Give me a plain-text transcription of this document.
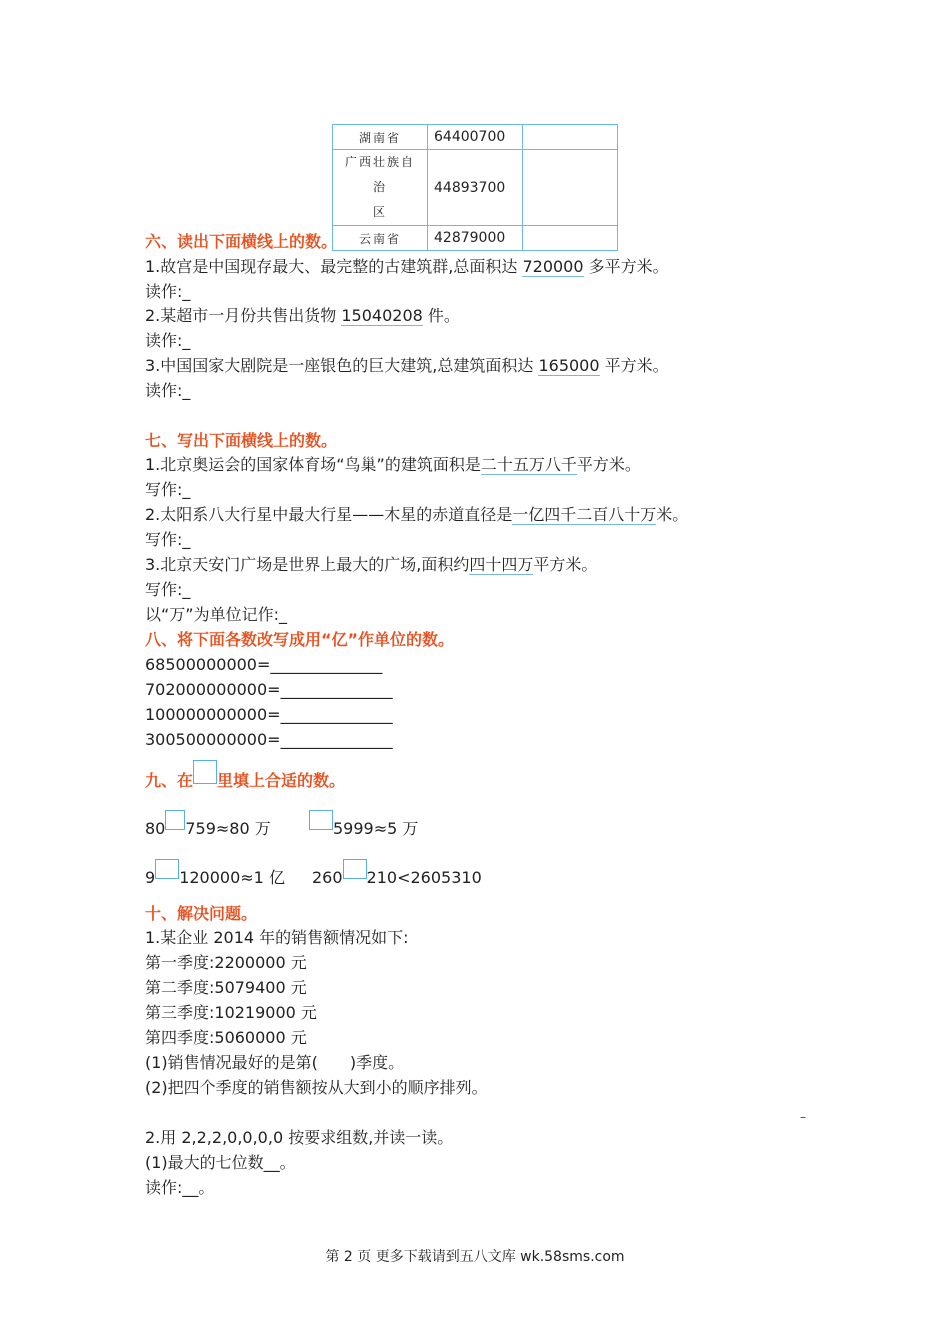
湖南省	64400700	
广西壮族自治
区	44893700	
云南省	42879000	
六、读出下面横线上的数。
1.故宫是中国现存最大、最完整的古建筑群,总面积达 720000 多平方米。
读作:_
2.某超市一月份共售出货物 15040208 件。
读作:_
3.中国国家大剧院是一座银色的巨大建筑,总建筑面积达 165000 平方米。
读作:_
七、写出下面横线上的数。
1.北京奥运会的国家体育场“鸟巢”的建筑面积是二十五万八千平方米。
写作:_
2.太阳系八大行星中最大行星——木星的赤道直径是一亿四千二百八十万米。
写作:_
3.北京天安门广场是世界上最大的广场,面积约四十四万平方米。
写作:_
以“万”为单位记作:_
八、将下面各数改写成用“亿”作单位的数。
68500000000=______________
702000000000=______________
100000000000=______________
300500000000=______________
九、在 里填上合适的数。
80 759≈80 万	5999≈5 万
9 120000≈1 亿 260 210<2605310
十、解决问题。
1.某企业 2014 年的销售额情况如下:
第一季度:2200000 元
第二季度:5079400 元
第三季度:10219000 元
第四季度:5060000 元
(1)销售情况最好的是第(　　)季度。
(2)把四个季度的销售额按从大到小的顺序排列。
–
2.用 2,2,2,0,0,0,0 按要求组数,并读一读。
(1)最大的七位数__。
读作:__。
第 2 页 更多下载请到五八文库 wk.58sms.com
